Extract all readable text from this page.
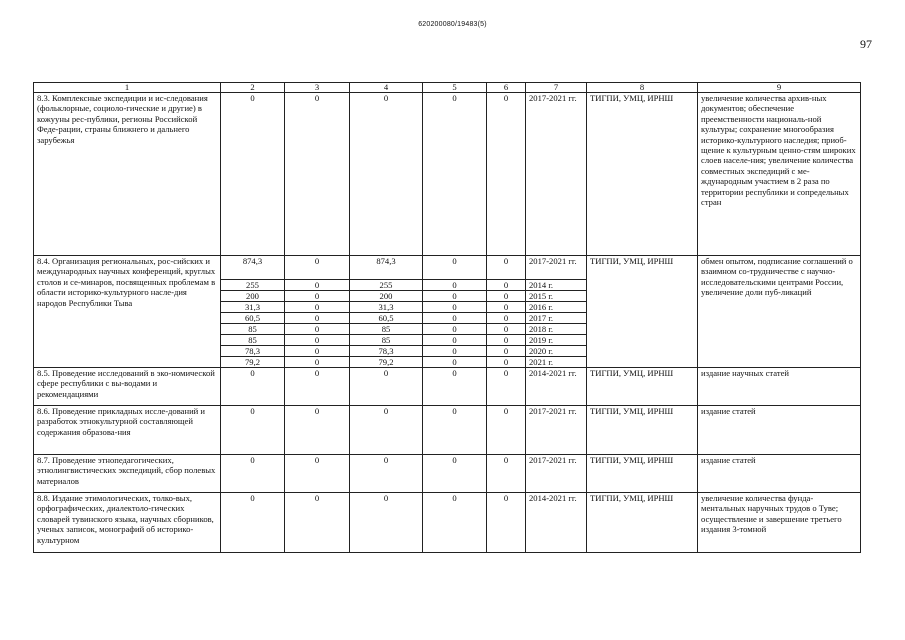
620200080/19483(5)
97
1	2	3	4	5	6	7	8	9
8.3. Комплексные экспедиции и ис-следования (фольклорные, социоло-гические и другие) в кожууны рес-публики, регионы Российской Феде-рации, страны ближнего и дальнего зарубежья	0	0	0	0	0	2017-2021 гг.	ТИГПИ, УМЦ, ИРНШ	увеличение количества архив-ных документов; обеспечение преемственности националь-ной культуры; сохранение многообразия историко-культурного наследия; приоб-щение к культурным ценно-стям широких слоев населе-ния; увеличение количества совместных экспедиций с ме-ждународным участием в 2 раза по территории республики и сопредельных стран
8.4. Организация региональных, рос-сийских и международных научных конференций, круглых столов и се-минаров, посвященных проблемам в области историко-культурного насле-дия народов Республики Тыва	874,3	0	874,3	0	0	2017-2021 гг.	ТИГПИ, УМЦ, ИРНШ	обмен опытом, подписание соглашений о взаимном со-трудничестве с научно-исследовательскими центрами России, увеличение доли пуб-ликаций
	255	0	255	0	0	2014 г.		
	200	0	200	0	0	2015 г.		
	31,3	0	31,3	0	0	2016 г.		
	60,5	0	60,5	0	0	2017 г.		
	85	0	85	0	0	2018 г.		
	85	0	85	0	0	2019 г.		
	78,3	0	78,3	0	0	2020 г.		
	79,2	0	79,2	0	0	2021 г.		
8.5. Проведение исследований в эко-номической сфере республики с вы-водами и рекомендациями	0	0	0	0	0	2014-2021 гг.	ТИГПИ, УМЦ, ИРНШ	издание научных статей
8.6. Проведение прикладных иссле-дований и разработок этнокультурной составляющей содержания образова-ния	0	0	0	0	0	2017-2021 гг.	ТИГПИ, УМЦ, ИРНШ	издание статей
8.7. Проведение этнопедагогических, этнолингвистических экспедиций, сбор полевых материалов	0	0	0	0	0	2017-2021 гг.	ТИГПИ, УМЦ, ИРНШ	издание статей
8.8. Издание этимологических, толко-вых, орфографических, диалектоло-гических словарей тувинского языка, научных сборников, ученых записок, монографий об историко-культурном	0	0	0	0	0	2014-2021 гг.	ТИГПИ, УМЦ, ИРНШ	увеличение количества фунда-ментальных наручных трудов о Туве; осуществление и завершение третьего издания 3-томной
